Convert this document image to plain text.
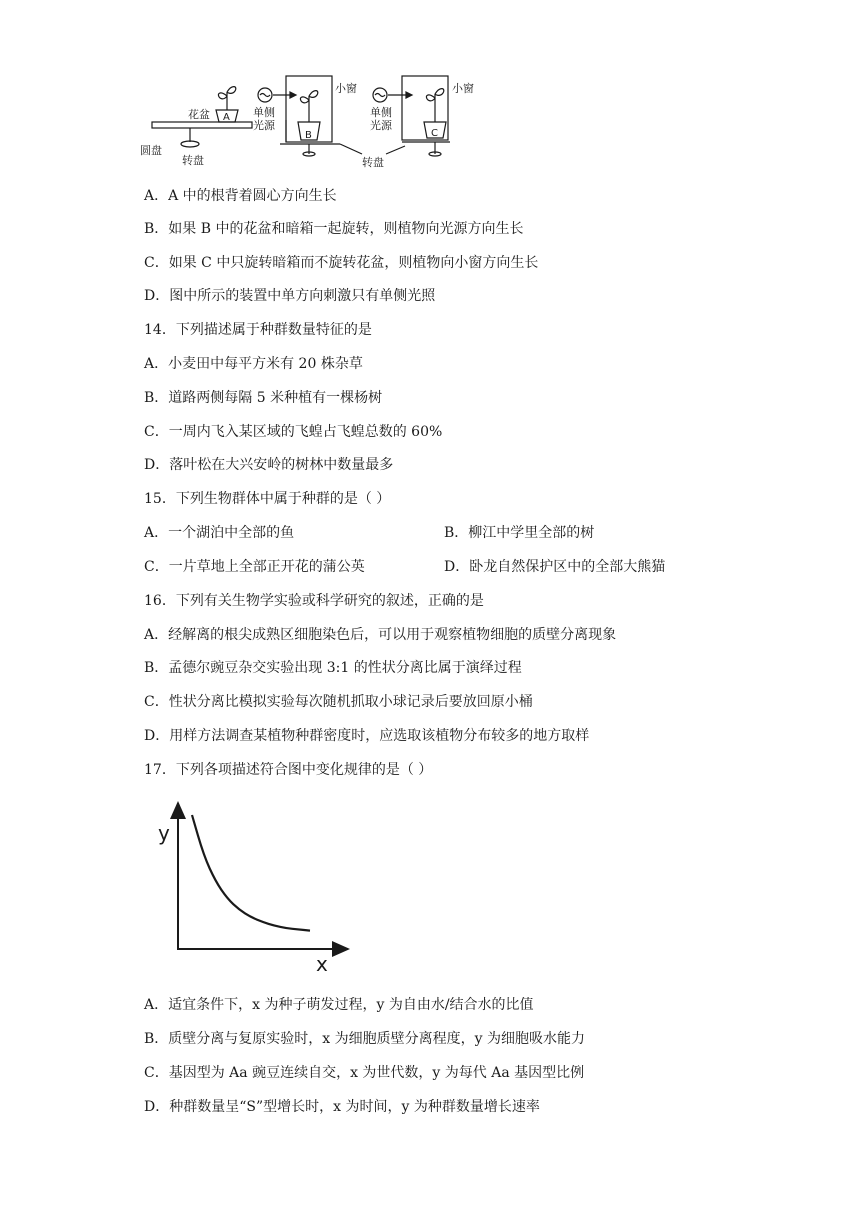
圆盘
转盘
花盆 A
B	C
小窗	小窗
单侧
光源
单侧
光源
转盘
A．A 中的根背着圆心方向生长
B．如果 B 中的花盆和暗箱一起旋转，则植物向光源方向生长
C．如果 C 中只旋转暗箱而不旋转花盆，则植物向小窗方向生长
D．图中所示的装置中单方向刺激只有单侧光照
14．下列描述属于种群数量特征的是
A．小麦田中每平方米有 20 株杂草
B．道路两侧每隔 5 米种植有一棵杨树
C．一周内飞入某区域的飞蝗占飞蝗总数的 60%
D．落叶松在大兴安岭的树林中数量最多
15．下列生物群体中属于种群的是（ ）
A．一个湖泊中全部的鱼	B．柳江中学里全部的树
C．一片草地上全部正开花的蒲公英	D．卧龙自然保护区中的全部大熊猫
16．下列有关生物学实验或科学研究的叙述，正确的是
A．经解离的根尖成熟区细胞染色后，可以用于观察植物细胞的质壁分离现象
B．孟德尔豌豆杂交实验出现 3:1 的性状分离比属于演绎过程
C．性状分离比模拟实验每次随机抓取小球记录后要放回原小桶
D．用样方法调查某植物种群密度时，应选取该植物分布较多的地方取样
17．下列各项描述符合图中变化规律的是（ ）
y
x
A．适宜条件下，x 为种子萌发过程，y 为自由水/结合水的比值
B．质壁分离与复原实验时，x 为细胞质壁分离程度，y 为细胞吸水能力
C．基因型为 Aa 豌豆连续自交，x 为世代数，y 为每代 Aa 基因型比例
D．种群数量呈“S”型增长时，x 为时间，y 为种群数量增长速率
